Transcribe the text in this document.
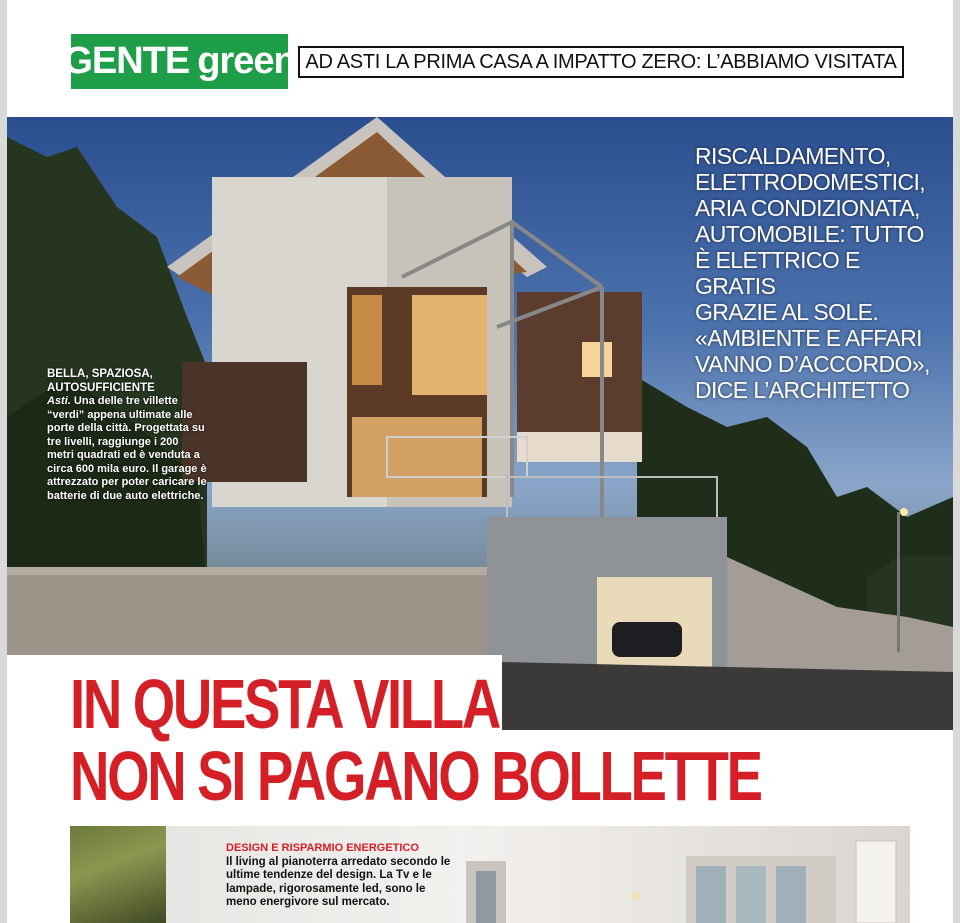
GENTE green AD ASTI LA PRIMA CASA A IMPATTO ZERO: L’ABBIAMO VISITATA
BELLA, SPAZIOSA, AUTOSUFFICIENTE
Asti. Una delle tre villette “verdi” appena ultimate alle porte della città. Progettata su tre livelli, raggiunge i 200 metri quadrati ed è venduta a circa 600 mila euro. Il garage è attrezzato per poter caricare le batterie di due auto elettriche.
RISCALDAMENTO,
ELETTRODOMESTICI,
ARIA CONDIZIONATA,
AUTOMOBILE: TUTTO
È ELETTRICO E GRATIS
GRAZIE AL SOLE.
«AMBIENTE E AFFARI
VANNO D’ACCORDO»,
DICE L’ARCHITETTO
IN QUESTA VILLA
NON SI PAGANO BOLLETTE
DESIGN E RISPARMIO ENERGETICO
Il living al pianoterra arredato secondo le ultime tendenze del design. La Tv e le lampade, rigorosamente led, sono le meno energivore sul mercato.
